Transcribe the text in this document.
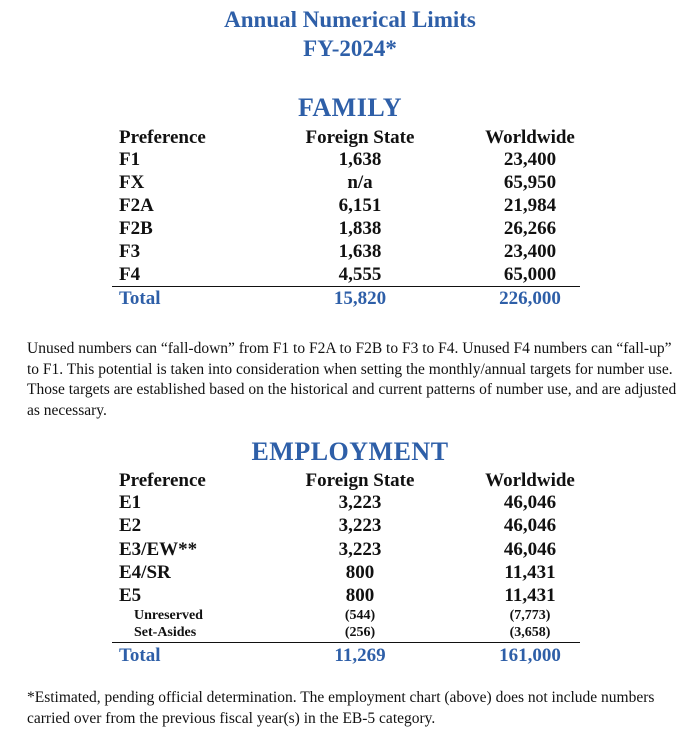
Annual Numerical Limits
FY-2024*
FAMILY
Preference	Foreign State	Worldwide
F1	1,638	23,400
FX	n/a	65,950
F2A	6,151	21,984
F2B	1,838	26,266
F3	1,638	23,400
F4	4,555	65,000
Total	15,820	226,000
Unused numbers can “fall-down” from F1 to F2A to F2B to F3 to F4. Unused F4 numbers can “fall-up” to F1. This potential is taken into consideration when setting the monthly/annual targets for number use. Those targets are established based on the historical and current patterns of number use, and are adjusted as necessary.
EMPLOYMENT
Preference	Foreign State	Worldwide
E1	3,223	46,046
E2	3,223	46,046
E3/EW**	3,223	46,046
E4/SR	800	11,431
E5	800	11,431
Unreserved	(544)	(7,773)
Set-Asides	(256)	(3,658)
Total	11,269	161,000
*Estimated, pending official determination. The employment chart (above) does not include numbers carried over from the previous fiscal year(s) in the EB-5 category.
